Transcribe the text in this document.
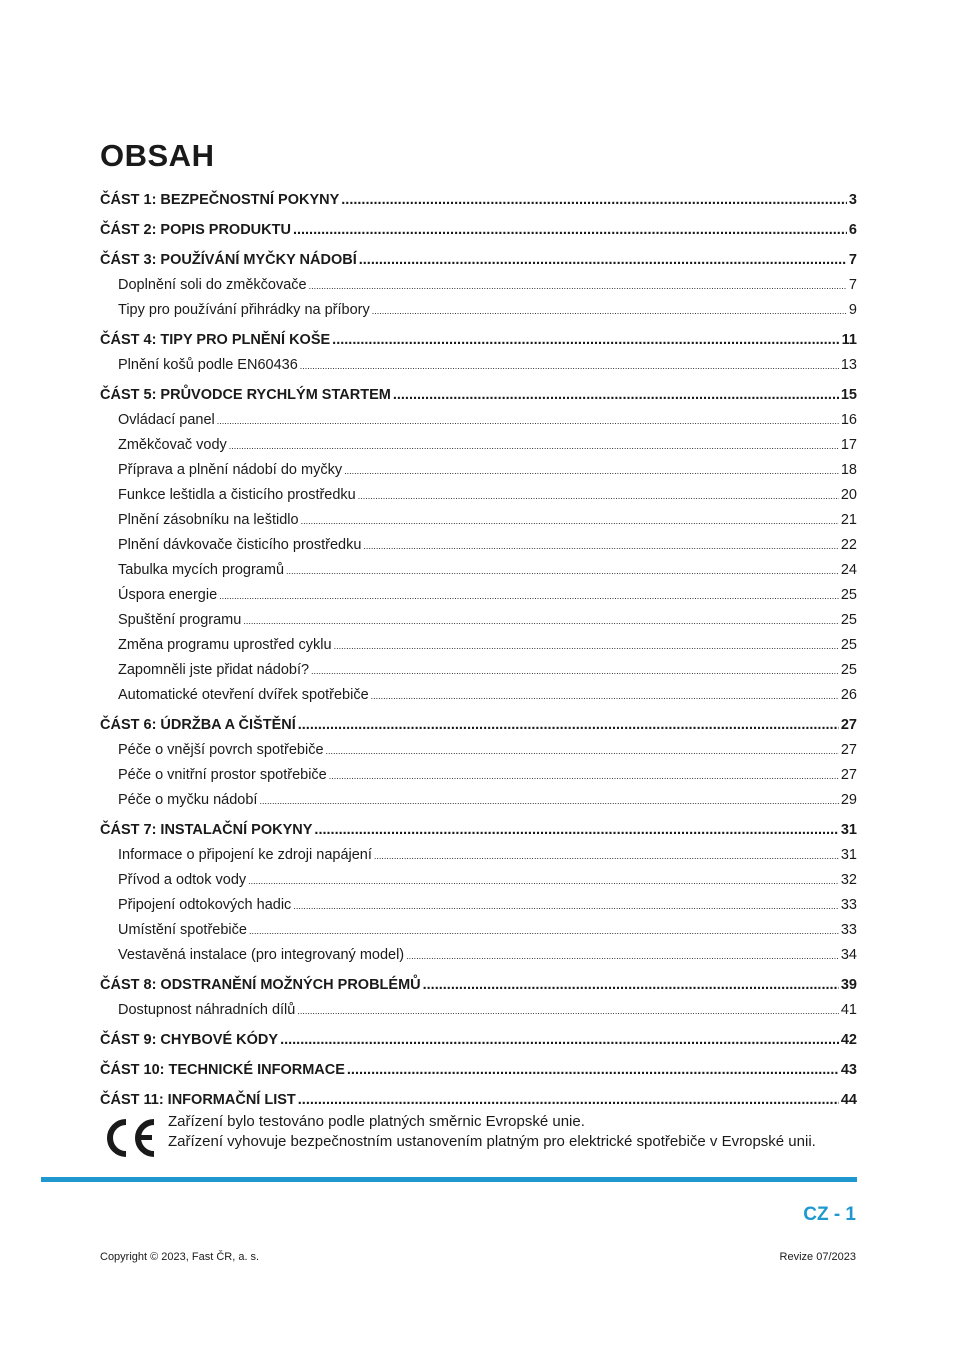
OBSAH
ČÁST 1: BEZPEČNOSTNÍ POKYNY .....	3
ČÁST 2: POPIS PRODUKTU .....	6
ČÁST 3: POUŽÍVÁNÍ MYČKY NÁDOBÍ .....	7
Doplnění soli do změkčovače .....	7
Tipy pro používání přihrádky na příbory .....	9
ČÁST 4: TIPY PRO PLNĚNÍ KOŠE .....	11
Plnění košů podle EN60436 .....	13
ČÁST 5: PRŮVODCE RYCHLÝM STARTEM .....	15
Ovládací panel .....	16
Změkčovač vody .....	17
Příprava a plnění nádobí do myčky .....	18
Funkce leštidla a čisticího prostředku .....	20
Plnění zásobníku na leštidlo .....	21
Plnění dávkovače čisticího prostředku .....	22
Tabulka mycích programů .....	24
Úspora energie .....	25
Spuštění programu .....	25
Změna programu uprostřed cyklu .....	25
Zapomněli jste přidat nádobí? .....	25
Automatické otevření dvířek spotřebiče .....	26
ČÁST 6: ÚDRŽBA A ČIŠTĚNÍ .....	27
Péče o vnější povrch spotřebiče .....	27
Péče o vnitřní prostor spotřebiče .....	27
Péče o myčku nádobí .....	29
ČÁST 7: INSTALAČNÍ POKYNY .....	31
Informace o připojení ke zdroji napájení .....	31
Přívod a odtok vody .....	32
Připojení odtokových hadic .....	33
Umístění spotřebiče .....	33
Vestavěná instalace (pro integrovaný model) .....	34
ČÁST 8: ODSTRANĚNÍ MOŽNÝCH PROBLÉMŮ .....	39
Dostupnost náhradních dílů .....	41
ČÁST 9: CHYBOVÉ KÓDY .....	42
ČÁST 10: TECHNICKÉ INFORMACE .....	43
ČÁST 11: INFORMAČNÍ LIST .....	44
Zařízení bylo testováno podle platných směrnic Evropské unie.
Zařízení vyhovuje bezpečnostním ustanovením platným pro elektrické spotřebiče v Evropské unii.
CZ - 1
Copyright © 2023, Fast ČR, a. s.	Revize 07/2023
